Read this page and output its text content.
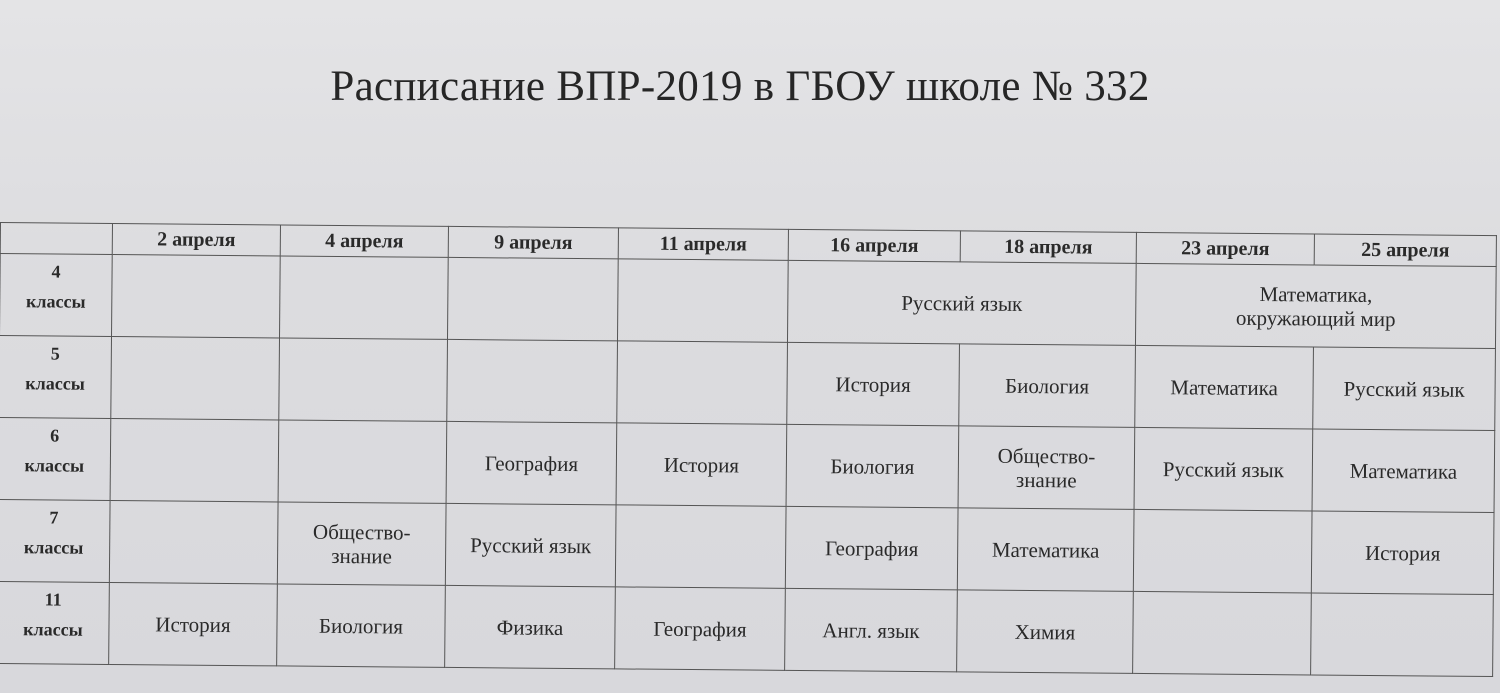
Расписание ВПР-2019 в ГБОУ школе № 332
	2 апреля	4 апреля	9 апреля	11 апреля	16 апреля	18 апреля	23 апреля	25 апреля
4
классы					Русский язык		Математика,
окружающий мир	
5
классы					История	Биология	Математика	Русский язык
6
классы			География	История	Биология	Общество-
знание	Русский язык	Математика
7
классы		Общество-
знание	Русский язык		География	Математика		История
11
классы	История	Биология	Физика	География	Англ. язык	Химия		
